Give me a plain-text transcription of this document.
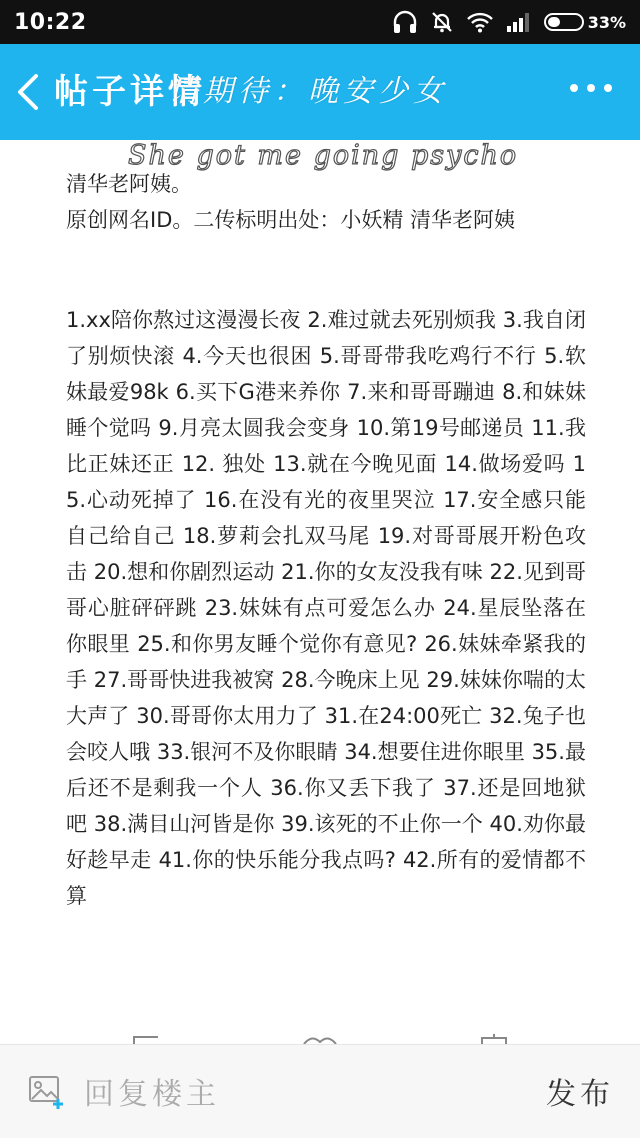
10:22	33%
帖子详情
请期待：晚安少女
She got me going psycho

清华老阿姨。

原创网名ID。二传标明出处：小妖精 清华老阿姨

1.xx陪你熬过这漫漫长夜 2.难过就去死别烦我 3.我自闭了别烦快滚 4.今天也很困 5.哥哥带我吃鸡行不行 5.软妹最爱98k 6.买下G港来养你 7.来和哥哥蹦迪 8.和妹妹睡个觉吗 9.月亮太圆我会变身 10.第19号邮递员 11.我比正妹还正 12. 独处 13.就在今晚见面 14.做场爱吗 15.心动死掉了 16.在没有光的夜里哭泣 17.安全感只能自己给自己 18.萝莉会扎双马尾 19.对哥哥展开粉色攻击 20.想和你剧烈运动 21.你的女友没我有味 22.见到哥哥心脏砰砰跳 23.妹妹有点可爱怎么办 24.星辰坠落在你眼里 25.和你男友睡个觉你有意见? 26.妹妹牵紧我的手 27.哥哥快进我被窝 28.今晚床上见 29.妹妹你喘的太大声了 30.哥哥你太用力了 31.在24:00死亡 32.兔子也会咬人哦 33.银河不及你眼睛 34.想要住进你眼里 35.最后还不是剩我一个人 36.你又丢下我了 37.还是回地狱吧 38.满目山河皆是你 39.该死的不止你一个 40.劝你最好趁早走 41.你的快乐能分我点吗? 42.所有的爱情都不算

回复楼主	发布
